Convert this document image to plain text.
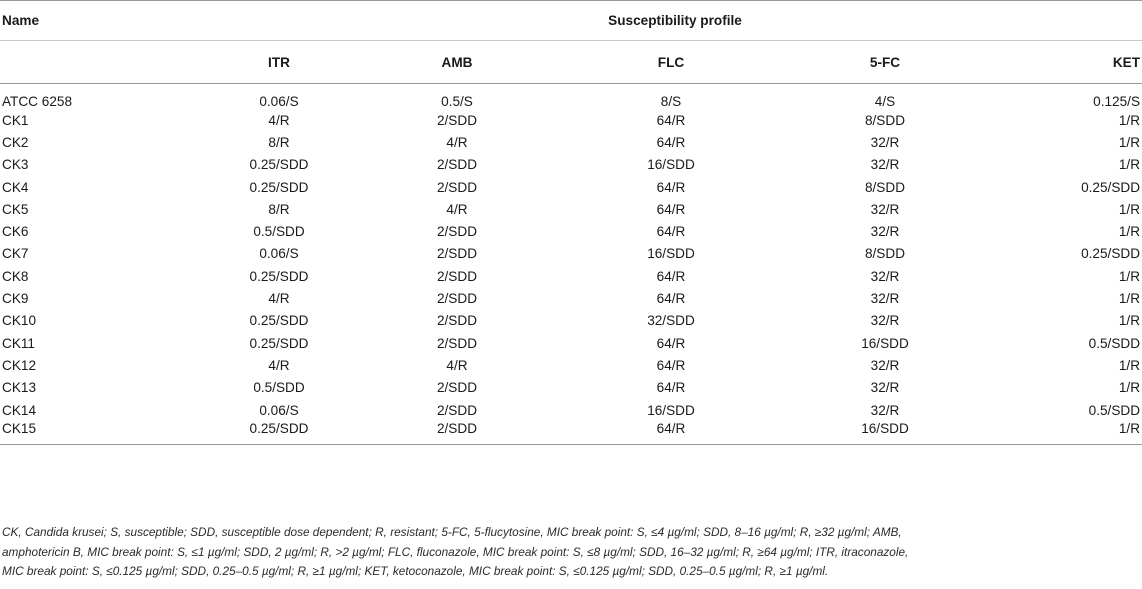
Name	Susceptibility profile				
	ITR	AMB	FLC	5-FC	KET
ATCC 6258	0.06/S	0.5/S	8/S	4/S	0.125/S
CK1	4/R	2/SDD	64/R	8/SDD	1/R
CK2	8/R	4/R	64/R	32/R	1/R
CK3	0.25/SDD	2/SDD	16/SDD	32/R	1/R
CK4	0.25/SDD	2/SDD	64/R	8/SDD	0.25/SDD
CK5	8/R	4/R	64/R	32/R	1/R
CK6	0.5/SDD	2/SDD	64/R	32/R	1/R
CK7	0.06/S	2/SDD	16/SDD	8/SDD	0.25/SDD
CK8	0.25/SDD	2/SDD	64/R	32/R	1/R
CK9	4/R	2/SDD	64/R	32/R	1/R
CK10	0.25/SDD	2/SDD	32/SDD	32/R	1/R
CK11	0.25/SDD	2/SDD	64/R	16/SDD	0.5/SDD
CK12	4/R	4/R	64/R	32/R	1/R
CK13	0.5/SDD	2/SDD	64/R	32/R	1/R
CK14	0.06/S	2/SDD	16/SDD	32/R	0.5/SDD
CK15	0.25/SDD	2/SDD	64/R	16/SDD	1/R
CK, Candida krusei; S, susceptible; SDD, susceptible dose dependent; R, resistant; 5-FC, 5-flucytosine, MIC break point: S, ≤4 µg/ml; SDD, 8–16 µg/ml; R, ≥32 µg/ml; AMB,
amphotericin B, MIC break point: S, ≤1 µg/ml; SDD, 2 µg/ml; R, >2 µg/ml; FLC, fluconazole, MIC break point: S, ≤8 µg/ml; SDD, 16–32 µg/ml; R, ≥64 µg/ml; ITR, itraconazole,
MIC break point: S, ≤0.125 µg/ml; SDD, 0.25–0.5 µg/ml; R, ≥1 µg/ml; KET, ketoconazole, MIC break point: S, ≤0.125 µg/ml; SDD, 0.25–0.5 µg/ml; R, ≥1 µg/ml.
